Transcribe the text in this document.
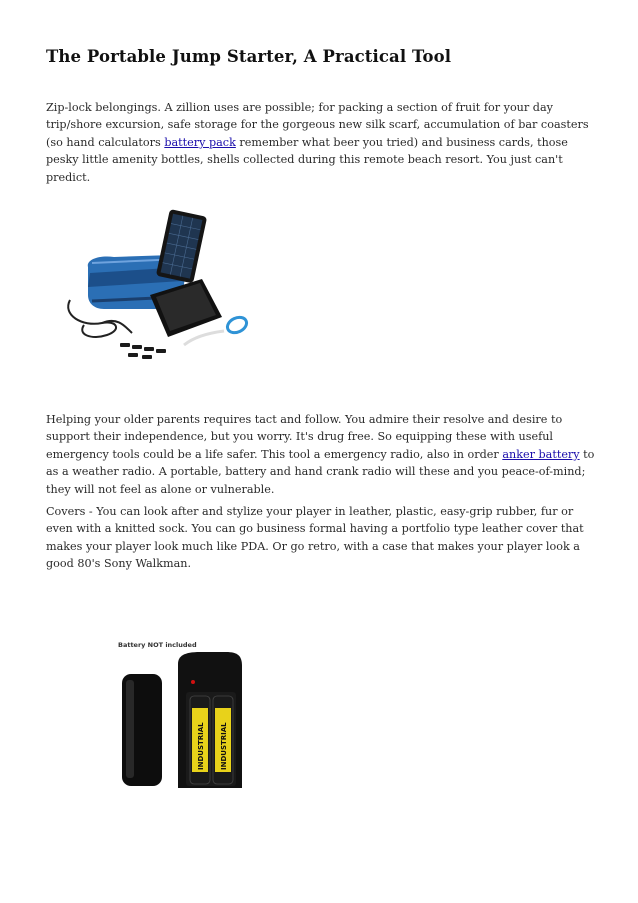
The Portable Jump Starter, A Practical Tool

Zip-lock belongings. A zillion uses are possible; for packing a section of fruit for your day trip/shore excursion, safe storage for the gorgeous new silk scarf, accumulation of bar coasters (so hand calculators battery pack remember what beer you tried) and business cards, those pesky little amenity bottles, shells collected during this remote beach resort. You just can't predict.

Helping your older parents requires tact and follow. You admire their resolve and desire to support their independence, but you worry. It's drug free. So equipping these with useful emergency tools could be a life safer. This tool a emergency radio, also in order anker battery to as a weather radio. A portable, battery and hand crank radio will these and you peace-of-mind; they will not feel as alone or vulnerable.

Covers - You can look after and stylize your player in leather, plastic, easy-grip rubber, fur or even with a knitted sock. You can go business formal having a portfolio type leather cover that makes your player look much like PDA. Or go retro, with a case that makes your player look a good 80's Sony Walkman.

Battery NOT included
INDUSTRIAL INDUSTRIAL
